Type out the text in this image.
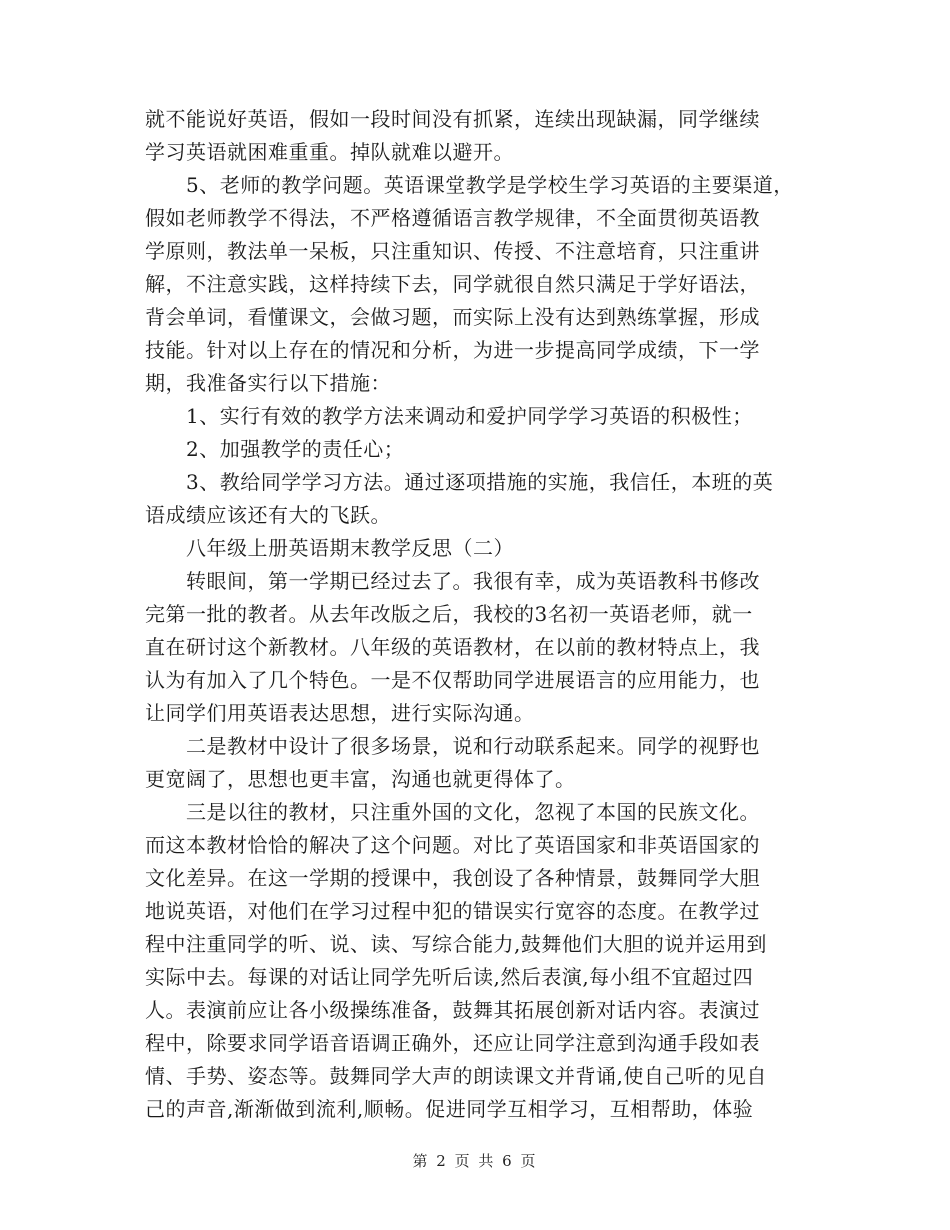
就不能说好英语，假如一段时间没有抓紧，连续出现缺漏，同学继续
学习英语就困难重重。掉队就难以避开。
5、老师的教学问题。英语课堂教学是学校生学习英语的主要渠道，
假如老师教学不得法，不严格遵循语言教学规律，不全面贯彻英语教
学原则，教法单一呆板，只注重知识、传授、不注意培育，只注重讲
解，不注意实践，这样持续下去，同学就很自然只满足于学好语法，
背会单词，看懂课文，会做习题，而实际上没有达到熟练掌握，形成
技能。针对以上存在的情况和分析，为进一步提高同学成绩，下一学
期，我准备实行以下措施：
1、实行有效的教学方法来调动和爱护同学学习英语的积极性；
2、加强教学的责任心；
3、教给同学学习方法。通过逐项措施的实施，我信任，本班的英
语成绩应该还有大的飞跃。
八年级上册英语期末教学反思（二）
转眼间，第一学期已经过去了。我很有幸，成为英语教科书修改
完第一批的教者。从去年改版之后，我校的3名初一英语老师，就一
直在研讨这个新教材。八年级的英语教材，在以前的教材特点上，我
认为有加入了几个特色。一是不仅帮助同学进展语言的应用能力，也
让同学们用英语表达思想，进行实际沟通。
二是教材中设计了很多场景，说和行动联系起来。同学的视野也
更宽阔了，思想也更丰富，沟通也就更得体了。
三是以往的教材，只注重外国的文化，忽视了本国的民族文化。
而这本教材恰恰的解决了这个问题。对比了英语国家和非英语国家的
文化差异。在这一学期的授课中，我创设了各种情景，鼓舞同学大胆
地说英语，对他们在学习过程中犯的错误实行宽容的态度。在教学过
程中注重同学的听、说、读、写综合能力,鼓舞他们大胆的说并运用到
实际中去。每课的对话让同学先听后读,然后表演,每小组不宜超过四
人。表演前应让各小级操练准备，鼓舞其拓展创新对话内容。表演过
程中，除要求同学语音语调正确外，还应让同学注意到沟通手段如表
情、手势、姿态等。鼓舞同学大声的朗读课文并背诵,使自己听的见自
己的声音,渐渐做到流利,顺畅。促进同学互相学习，互相帮助，体验
第 2 页 共 6 页
